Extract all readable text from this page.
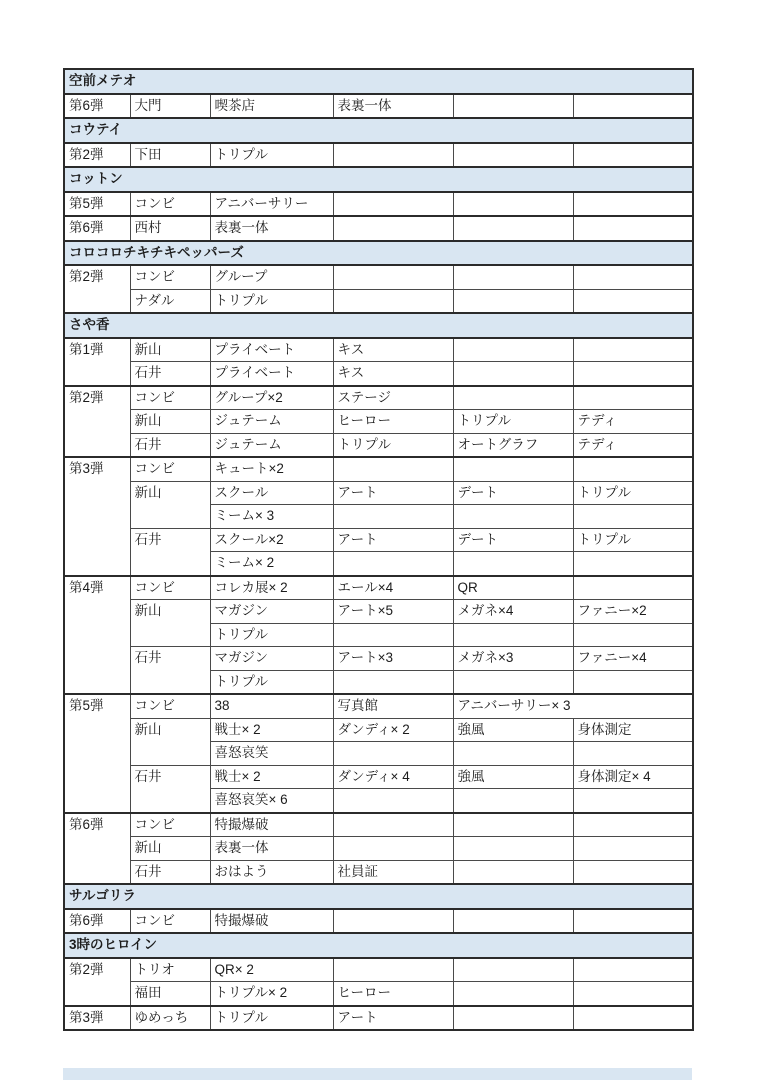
空前メテオ					
第6弾	大門	喫茶店	表裏一体		
コウテイ					
第2弾	下田	トリプル			
コットン					
第5弾	コンビ	アニバーサリー			
第6弾	西村	表裏一体			
コロコロチキチキペッパーズ					
第2弾	コンビ	グループ			
	ナダル	トリプル			
さや香					
第1弾	新山	プライベート	キス		
	石井	プライベート	キス		
第2弾	コンビ	グループ×2	ステージ		
	新山	ジュテーム	ヒーロー	トリプル	テディ
	石井	ジュテーム	トリプル	オートグラフ	テディ
第3弾	コンビ	キュート×2			
	新山	スクール	アート	デート	トリプル
		ミーム× 3			
	石井	スクール×2	アート	デート	トリプル
		ミーム× 2			
第4弾	コンビ	コレカ展× 2	エール×4	QR	
	新山	マガジン	アート×5	メガネ×4	ファニー×2
		トリプル			
	石井	マガジン	アート×3	メガネ×3	ファニー×4
		トリプル			
第5弾	コンビ	38	写真館	アニバーサリー× 3	
	新山	戦士× 2	ダンディ× 2	強風	身体測定
		喜怒哀笑			
	石井	戦士× 2	ダンディ× 4	強風	身体測定× 4
		喜怒哀笑× 6			
第6弾	コンビ	特撮爆破			
	新山	表裏一体			
	石井	おはよう	社員証		
サルゴリラ					
第6弾	コンビ	特撮爆破			
3時のヒロイン					
第2弾	トリオ	QR× 2			
	福田	トリプル× 2	ヒーロー		
第3弾	ゆめっち	トリプル	アート		
